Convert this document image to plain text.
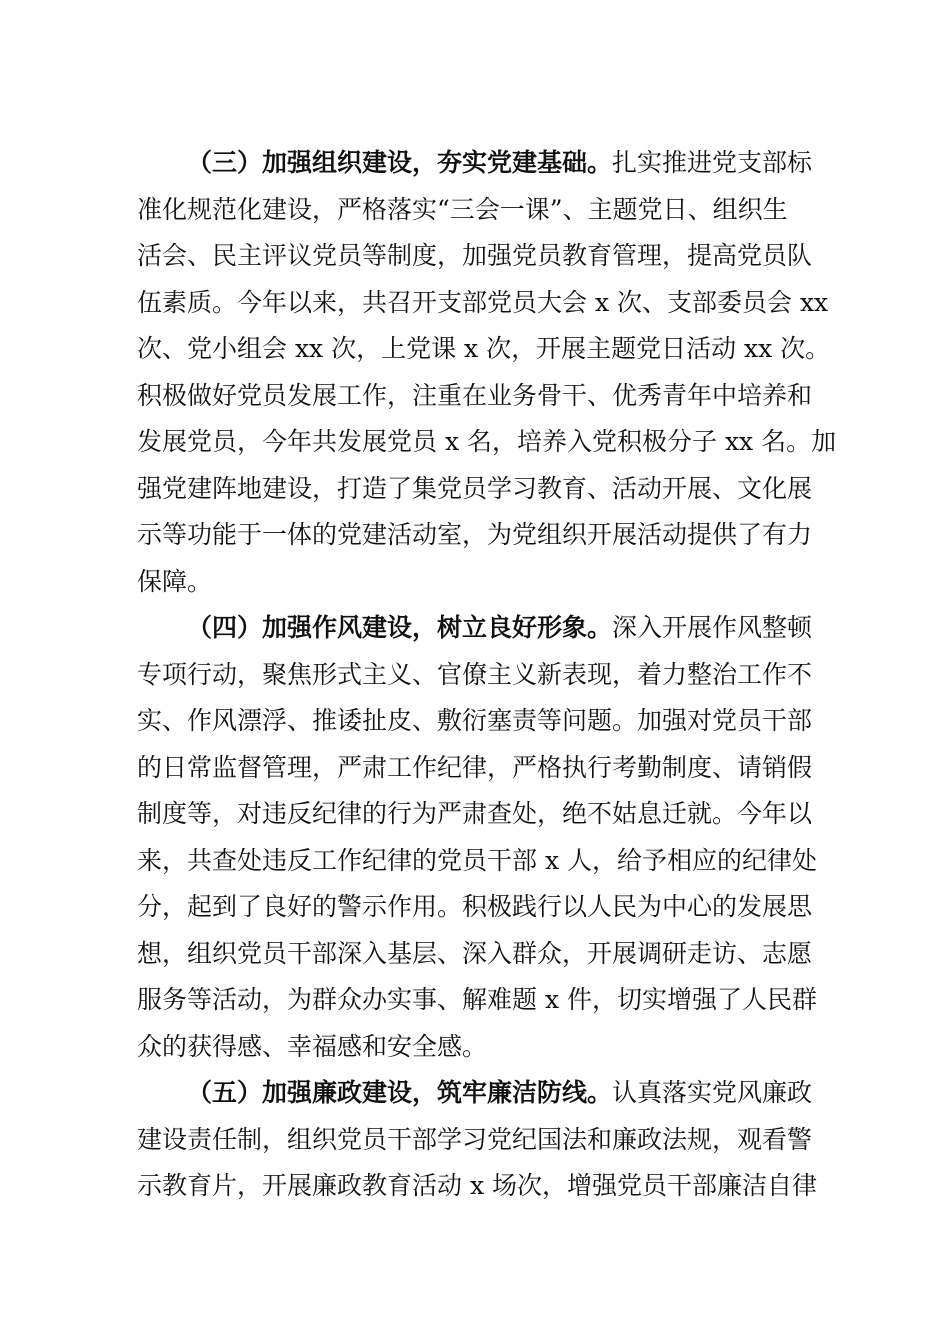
（三）加强组织建设，夯实党建基础。扎实推进党支部标

准化规范化建设，严格落实“三会一课”、主题党日、组织生

活会、民主评议党员等制度，加强党员教育管理，提高党员队

伍素质。今年以来，共召开支部党员大会 x 次、支部委员会 xx

次、党小组会 xx 次，上党课 x 次，开展主题党日活动 xx 次。

积极做好党员发展工作，注重在业务骨干、优秀青年中培养和

发展党员，今年共发展党员 x 名，培养入党积极分子 xx 名。加

强党建阵地建设，打造了集党员学习教育、活动开展、文化展

示等功能于一体的党建活动室，为党组织开展活动提供了有力

保障。

（四）加强作风建设，树立良好形象。深入开展作风整顿

专项行动，聚焦形式主义、官僚主义新表现，着力整治工作不

实、作风漂浮、推诿扯皮、敷衍塞责等问题。加强对党员干部

的日常监督管理，严肃工作纪律，严格执行考勤制度、请销假

制度等，对违反纪律的行为严肃查处，绝不姑息迁就。今年以

来，共查处违反工作纪律的党员干部 x 人，给予相应的纪律处

分，起到了良好的警示作用。积极践行以人民为中心的发展思

想，组织党员干部深入基层、深入群众，开展调研走访、志愿

服务等活动，为群众办实事、解难题 x 件，切实增强了人民群

众的获得感、幸福感和安全感。

（五）加强廉政建设，筑牢廉洁防线。认真落实党风廉政

建设责任制，组织党员干部学习党纪国法和廉政法规，观看警

示教育片，开展廉政教育活动 x 场次，增强党员干部廉洁自律
